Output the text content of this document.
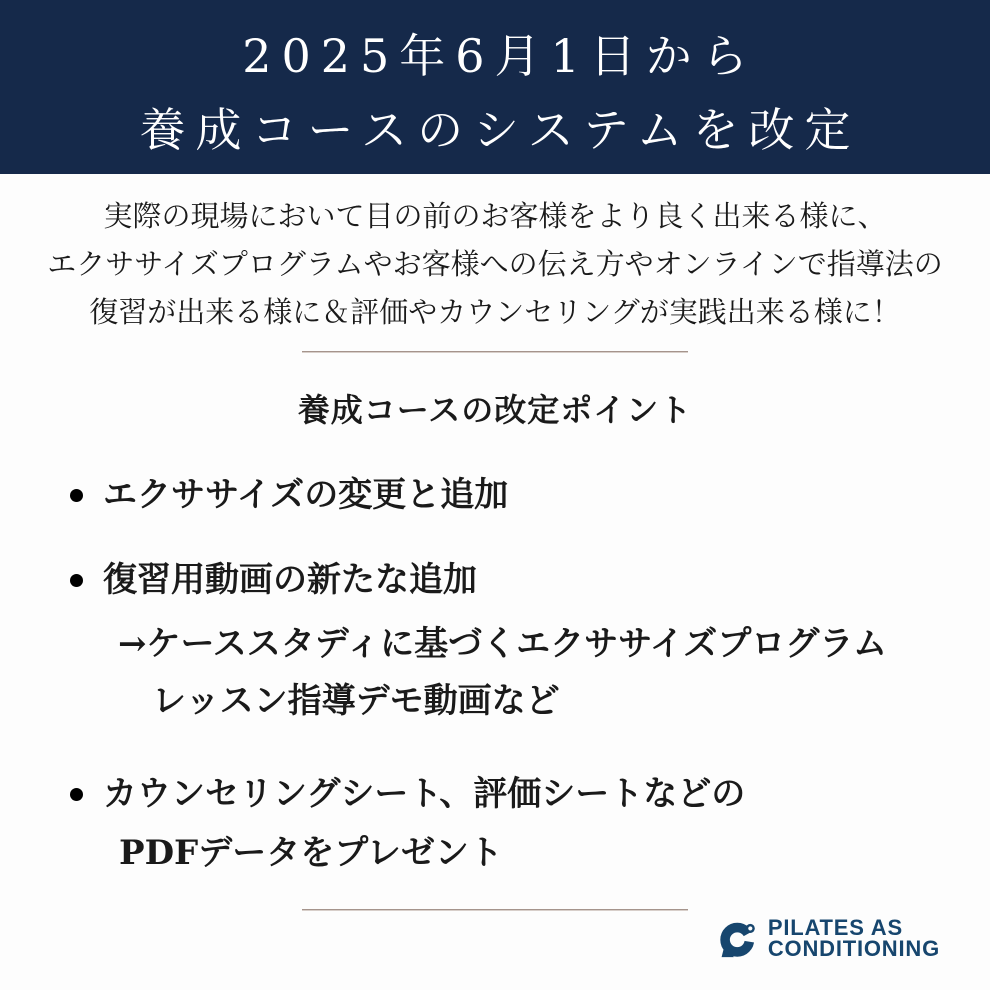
2025年6月1日から
養成コースのシステムを改定
実際の現場において目の前のお客様をより良く出来る様に、
エクササイズプログラムやお客様への伝え方やオンラインで指導法の
復習が出来る様に＆評価やカウンセリングが実践出来る様に！
養成コースの改定ポイント
エクササイズの変更と追加
復習用動画の新たな追加
→ケーススタディに基づくエクササイズプログラム
レッスン指導デモ動画など
カウンセリングシート、評価シートなどの
PDFデータをプレゼント
PILATES AS
CONDITIONING
